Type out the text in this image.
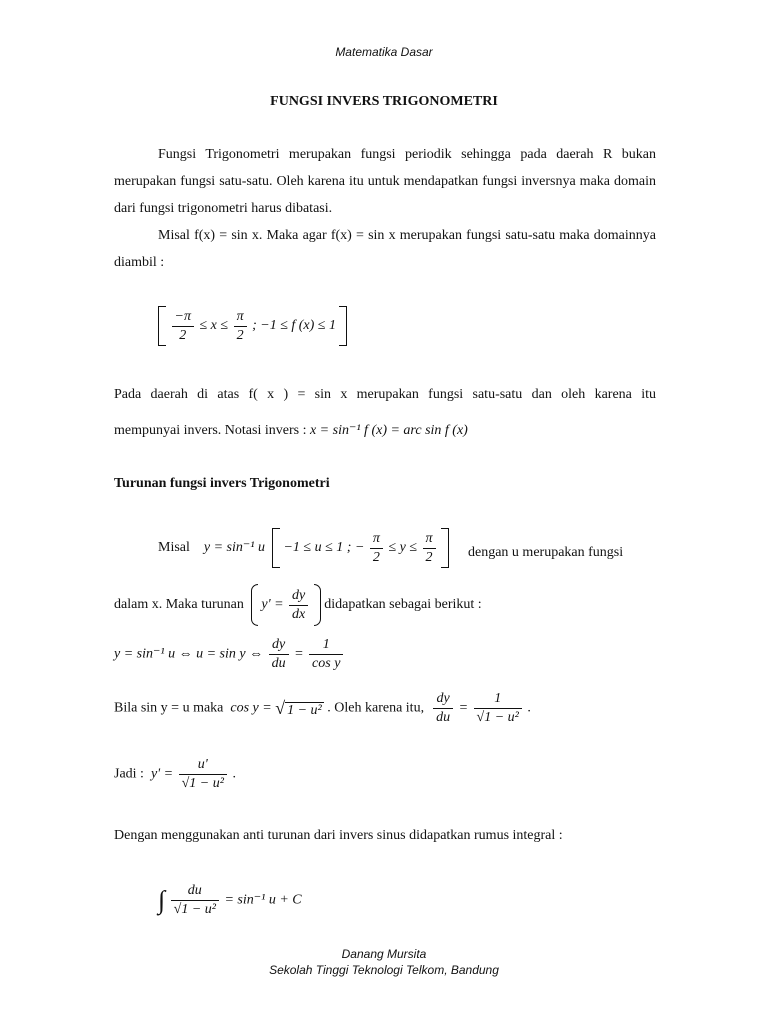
Matematika Dasar
FUNGSI INVERS TRIGONOMETRI

Fungsi Trigonometri merupakan fungsi periodik sehingga pada daerah R bukan merupakan fungsi satu-satu. Oleh karena itu untuk mendapatkan fungsi inversnya maka domain dari fungsi trigonometri harus dibatasi.

Misal f(x) = sin x. Maka agar f(x) = sin x merupakan fungsi satu-satu maka domainnya diambil :

$\frac{-\pi}{2} \le x \le \frac{\pi}{2}$ ; −1 ≤ f (x) ≤ 1
Pada daerah di atas f( x ) = sin x merupakan fungsi satu-satu dan oleh karena itu
mempunyai invers. Notasi invers : x = sin⁻¹ f (x) = arc sin f (x)
Turunan fungsi invers Trigonometri
Misal y = sin⁻¹ u −1 ≤ u ≤ 1 ; − $\frac{\pi}{2} \le y \le \frac{\pi}{2}$
dengan u merupakan fungsi
dalam x. Maka turunan $y' = \frac{dy}{dx}$ didapatkan sebagai berikut :
y = sin⁻¹ u ⇔ u = sin y ⇔ $\frac{dy}{du} = \frac{1}{\text{cos y}}$
Bila sin y = u maka cos y = √ 1 − u² . Oleh karena itu, $\frac{dy}{du} = \frac{1}{\text{√1 − u²}}$ .
Jadi : $y' = \frac{u'}{\text{√1 − u²}}$ .
Dengan menggunakan anti turunan dari invers sinus didapatkan rumus integral :
∫ $\frac{du}{\text{√1 − u²}} = \sin^{-1}$ u + C
Danang Mursita
Sekolah Tinggi Teknologi Telkom, Bandung
